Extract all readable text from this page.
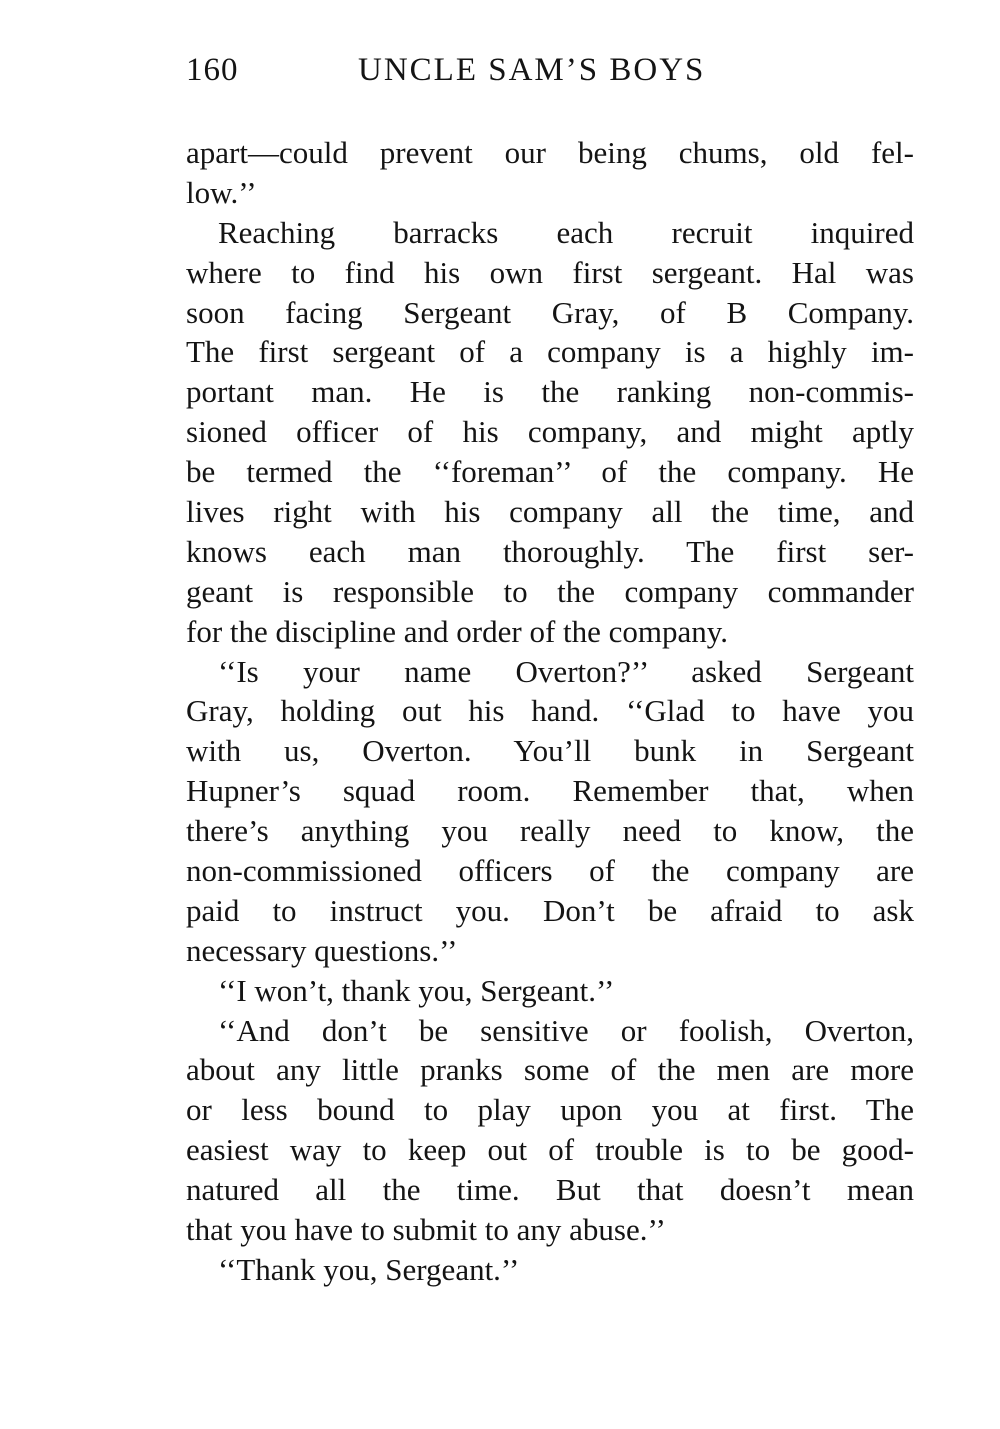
160	UNCLE SAM’S BOYS
apart—could prevent our being chums, old fel-
low.’’
Reaching barracks each recruit inquired
where to find his own first sergeant. Hal was
soon facing Sergeant Gray, of B Company.
The first sergeant of a company is a highly im-
portant man. He is the ranking non-commis-
sioned officer of his company, and might aptly
be termed the ‘‘foreman’’ of the company. He
lives right with his company all the time, and
knows each man thoroughly. The first ser-
geant is responsible to the company commander
for the discipline and order of the company.
‘‘Is your name Overton?’’ asked Sergeant
Gray, holding out his hand. ‘‘Glad to have you
with us, Overton. You’ll bunk in Sergeant
Hupner’s squad room. Remember that, when
there’s anything you really need to know, the
non-commissioned officers of the company are
paid to instruct you. Don’t be afraid to ask
necessary questions.’’
‘‘I won’t, thank you, Sergeant.’’
‘‘And don’t be sensitive or foolish, Overton,
about any little pranks some of the men are more
or less bound to play upon you at first. The
easiest way to keep out of trouble is to be good-
natured all the time. But that doesn’t mean
that you have to submit to any abuse.’’
‘‘Thank you, Sergeant.’’
